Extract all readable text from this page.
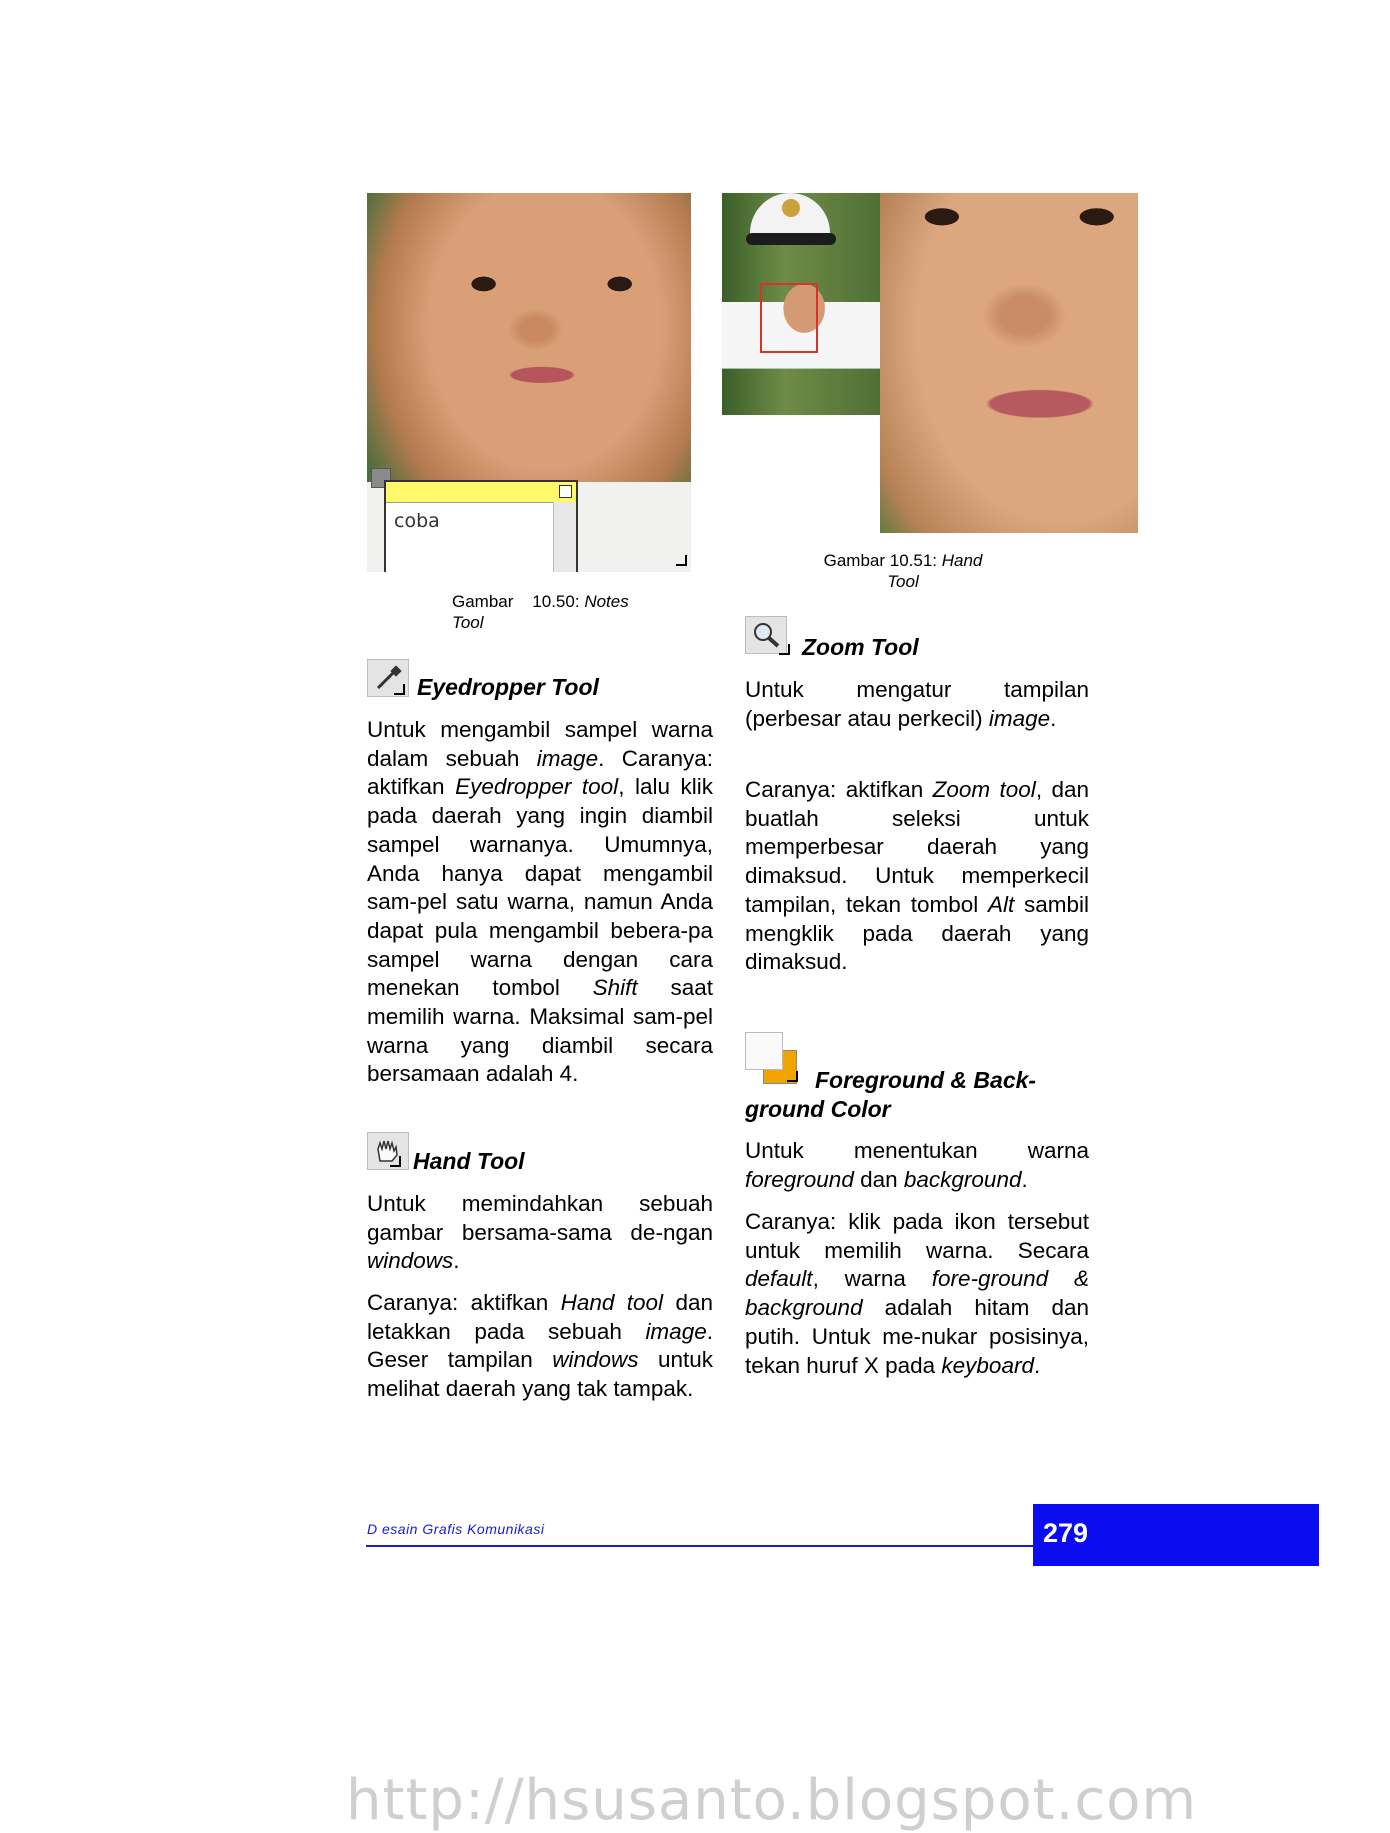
coba
Gambar    10.50: Notes Tool
Gambar 10.51: Hand Tool
Eyedropper Tool

Untuk mengambil sampel warna dalam sebuah image. Caranya: aktifkan Eyedropper tool, lalu klik pada daerah yang ingin diambil sampel warnanya. Umumnya, Anda hanya dapat mengambil sam-pel satu warna, namun Anda dapat pula mengambil bebera-pa sampel warna dengan cara menekan tombol Shift saat memilih warna. Maksimal sam-pel warna yang diambil secara bersamaan adalah 4.

Hand Tool

Untuk memindahkan sebuah gambar bersama-sama de-ngan windows.

Caranya: aktifkan Hand tool dan letakkan pada sebuah image. Geser tampilan windows untuk melihat daerah yang tak tampak.

Zoom Tool

Untuk mengatur tampilan (perbesar atau perkecil) image.

Caranya: aktifkan Zoom tool, dan buatlah seleksi untuk memperbesar daerah yang dimaksud. Untuk memperkecil tampilan, tekan tombol Alt sambil mengklik pada daerah yang dimaksud.

Foreground & Back-
ground Color

Untuk menentukan warna foreground dan background.

Caranya: klik pada ikon tersebut untuk memilih warna. Secara default, warna fore-ground & background adalah hitam dan putih. Untuk me-nukar posisinya, tekan huruf X pada keyboard.

D esain Grafis Komunikasi	279
http://hsusanto.blogspot.com
